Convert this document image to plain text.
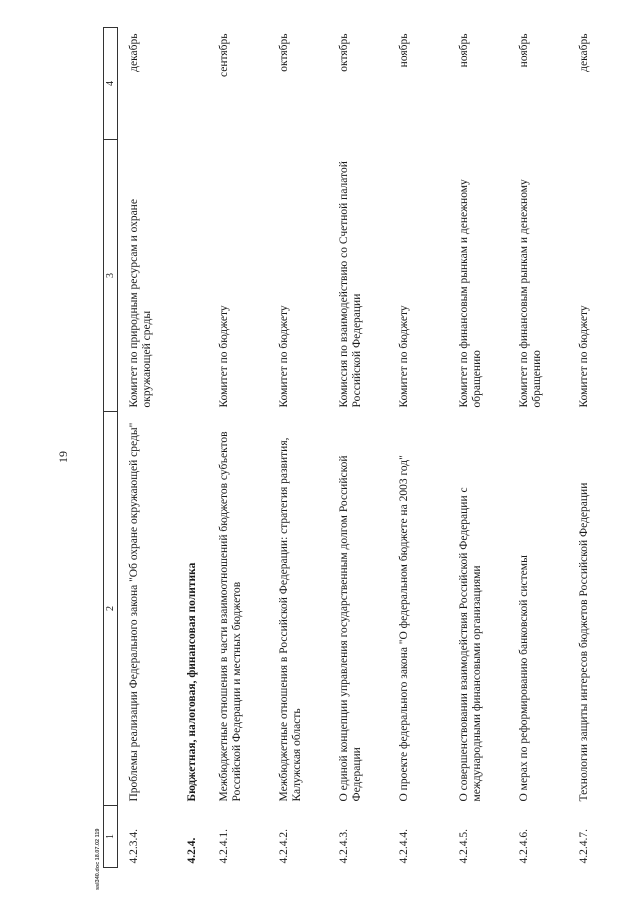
19
1	2	3	4
4.2.3.4.	Проблемы реализации Федерального закона "Об охране окружающей среды"	Комитет по природным ресурсам и охране окружающей среды	декабрь
4.2.4.	Бюджетная, налоговая, финансовая политика		
4.2.4.1.	Межбюджетные отношения в части взаимоотношений бюджетов субъектов Российской Федерации и местных бюджетов	Комитет по бюджету	сентябрь
4.2.4.2.	Межбюджетные отношения в Российской Федерации: стратегия развития, Калужская область	Комитет по бюджету	октябрь
4.2.4.3.	О единой концепции управления государственным долгом Российской Федерации	Комиссия по взаимодействию со Счетной палатой Российской Федерации	октябрь
4.2.4.4.	О проекте федерального закона "О федеральном бюджете на 2003 год"	Комитет по бюджету	ноябрь
4.2.4.5.	О совершенствовании взаимодействия Российской Федерации с международными финансовыми организациями	Комитет по финансовым рынкам и денежному обращению	ноябрь
4.2.4.6.	О мерах по реформированию банковской системы	Комитет по финансовым рынкам и денежному обращению	ноябрь
4.2.4.7.	Технологии защиты интересов бюджетов Российской Федерации	Комитет по бюджету	декабрь
ssl340.doc 18.07.02 119
